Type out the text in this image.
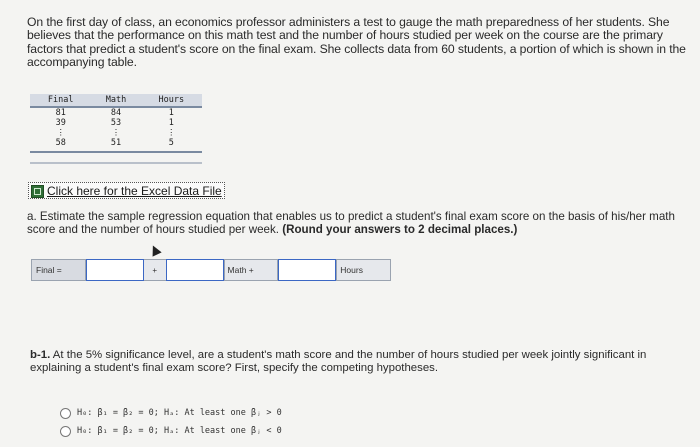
On the first day of class, an economics professor administers a test to gauge the math preparedness of her students. She believes that the performance on this math test and the number of hours studied per week on the course are the primary factors that predict a student's score on the final exam. She collects data from 60 students, a portion of which is shown in the accompanying table.
Final	Math	Hours
81	84	1
39	53	1
⋮	⋮	⋮
58	51	5
Click here for the Excel Data File
a. Estimate the sample regression equation that enables us to predict a student's final exam score on the basis of his/her math score and the number of hours studied per week. (Round your answers to 2 decimal places.)
Final =	+	Math +	Hours
b-1. At the 5% significance level, are a student's math score and the number of hours studied per week jointly significant in explaining a student's final exam score? First, specify the competing hypotheses.
H₀: β₁ = β₂ = 0; Hₐ: At least one βⱼ > 0
H₀: β₁ = β₂ = 0; Hₐ: At least one βⱼ < 0
